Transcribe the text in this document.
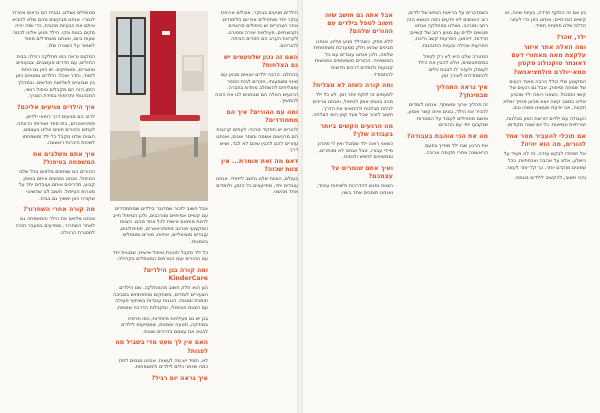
מטופלים אצלנו, ובבית הם נראים אחרת לגמרי. אנחנו מבקשים מהם שלא להביא איתם את הבעיות מהבית, כדי שזה יהיה מקום בטוח ונקי. הילד מגיע אלינו לכמה שעות ביום, ואנחנו משתדלים מאוד לשמור על השגרה שלו.
המקום נראה כמו מחלקה רגילה בבית החולים, עם חדרים מעוצבים, צבעוניים ומוארים, ומשחקים. יש כאן גם כיתת לימוד, וחדר אוכל. הילדים נמצאים כאן בין שבועיים לשלושה חודשים, ובמהלך הזמן הזה הם מקבלים טיפול רגשי, התנהגותי ותרופתי במידת הצורך.
איך הילדים מגיעים אליכם?
לרוב הם מגיעים דרך רופאי ילדים, פסיכיאטרים, בתי ספר ושירותי הרווחה. לעתים ההורים פונים אלינו בעצמם. הצוות שלנו מקבל כל ילד ומשפחתו לשיחת היכרות ראשונה.
איך אתם משלבים את המשפחה בטיפול?
ההורים הם שותפים מלאים בכל שלבי הטיפול. אנחנו נפגשים איתם באופן קבוע, מדריכים אותם ועובדים יחד על מטרות הטיפול. חשוב לנו שהשינוי שקורה כאן ימשיך גם בבית.
מה קורה אחרי השחרור?
אנחנו מלווים את הילד והמשפחה גם לאחר השחרור, ומסייעים במעבר חזרה למסגרת הרגילה.
הילדים מגיעים בבוקר, אוכלים ארוחת בוקר יחד ומתחילים את יום הלימודים. אחר הצהריים יש טיפולים פרטניים וקבוצתיים, פעילויות יצירה וספורט. לקראת הערב הם חוזרים הביתה להוריהם.
האם זה נכון שלפעמים יש גם הצלחות?
בהחלט. הרבה ילדים יוצאים מכאן עם שינוי משמעותי, חוזרים לבית הספר ומצליחים להשתלב מחדש בחברה. הרגעים האלה הם שנותנים לנו את הכוח להמשיך.
ומה עם ההורים? איך הם מתמודדים?
להורים יש תפקיד מרכזי. לעתים קרובות הם מרגישים אשמה וחוסר אונים, ואנחנו עוזרים להם להבין שהם לא לבד, ושיש דרך.
דאם מה זאת אומרת... אין צוות שכזה?
בעולם, הצוות שלנו נחשב לייחודי. אנחנו עובדים יחד, מתייעצים כל הזמן, ולומדים אחד מהשני.
אבל חשוב לזכור שמדובר בילדים שמתמודדים עם קשיים אמיתיים ומורכבים, ולכן הטיפול חייב להיות מותאם אישית לכל אחד מהם. הצוות המקצועי מורכב מפסיכיאטרים, פסיכולוגים, עובדים סוציאליים, אחיות, מורים ומטפלים באמנות.
כל ילד מקבל תוכנית טיפול אישית, שנבנית יחד עם ההורים ועם הגורמים המטפלים בקהילה.
ומה קורה בגן הילדים? KinderCare
הגן הוא חלק חשוב מהמחלקה. שם הילדים הצעירים לומדים, משחקים ומתפתחים בסביבה תומכת ומוגנת. הגננות עובדות בשיתוף פעולה עם הצוות הטיפולי, ומקבלות הדרכה שוטפת.
בגן יש גם פעילויות מיוחדות, כמו תרפיה במוזיקה, תנועה ואמנות, שמסייעות לילדים לבטא את עצמם בדרכים שונות.
האם אין לך מעט מדי בשביל מה לפנות?
לא, תמיד יש מה לעשות. אנחנו מנסים לתת כמה שיותר כלים לילדים ולמשפחות.
איך נראה יום רגיל?
אבל אתה גם חושב שזה חשוב לטפל בילדים עם ההורים שלהם?
ללא ספק. כשהילד מגיע אלינו, אנחנו מבינים שהוא חלק ממערכת משפחתית שלמה, ולכן אנחנו עובדים עם כל המשפחה. ההורים משתתפים בפגישות קבועות ולומדים דרכים חדשות להתמודד.
ומה קורה כשזה לא מצליח?
לפעמים זה לוקח יותר זמן. לא כל ילד מגיב באותו אופן לטיפול, ואנחנו צריכים לגלות סבלנות ולהתאים את הדרך. חשוב לזכור שכל צעד קטן הוא הצלחה.
מה הרגעים הקשים ביותר בעבודה שלך?
כשאני רואה ילד שסובל ואין לי פתרון מיידי עבורו. אבל אנחנו לא מוותרים, וממשיכים לחפש ולנסות.
ואיך אתם שומרים על עצמכם?
הצוות נפגש להדרכות ולשיחות עיבוד, ואנחנו תומכים אחד בשני.
כשמדברים על בריאות הנפש של ילדים, רוב האנשים לא יודעים כמה הנושא הזה רחב ומורכב. אצלנו במחלקה אנחנו פוגשים ילדים עם מגוון רחב של קשיים: חרדות, דיכאון, הפרעות קשב וריכוז, הפרעות אכילה ובעיות התנהגות.
המטרה שלנו היא לא רק לטפל בסימפטומים, אלא להבין את הילד לעומק ולעזור לו לבנות כלים להתמודדות לאורך זמן.
איך נראה התהליך מבחינתך?
זה תהליך ארוך ומשותף. אנחנו לומדים להכיר את הילד, בונים איתו קשר ואמון, ומשם מתחילים לעבוד על המטרות שנקבעו יחד עם ההורים.
מה את הכי אוהבת בעבודה?
את הרגע שבו ילד מחייך בפעם הראשונה אחרי תקופה ארוכה.
בין אם זה התקף חרדה, בעיות שינה, או קשיים חברתיים, אנחנו כאן כדי לעזור. הדלת שלנו פתוחה תמיד.
ילד, זוכר?
ומה האלה אתר איזור עלקצת מאה מאחורי דעם דאונתר טוקנולוג סקסון סמא-יולרם פולחציאנשו?
המקצוע שלי כולל הרבה מאוד רגעים של שמחה וסיפוק, אבל גם רגעים של קושי ותסכול. כשאני רואה ילד שהגיע אלינו במצב קשה יוצא מכאן מחייך ומלא תקווה, אני יודעת שעשינו משהו טוב.
העבודה עם ילדים דורשת המון סבלנות, יצירתיות וגמישות. כל יום שונה מקודמו.
אם תוכלי להעביר מסר אחד להורים, מה הוא יהיה?
אל תפחדו לבקש עזרה. זה לא מעיד על כישלון, אלא על אהבה ואכפתיות. ככל שפונים מוקדם יותר, כך קל יותר לעזור.
והכי חשוב, להקשיב לילדים באמת.
